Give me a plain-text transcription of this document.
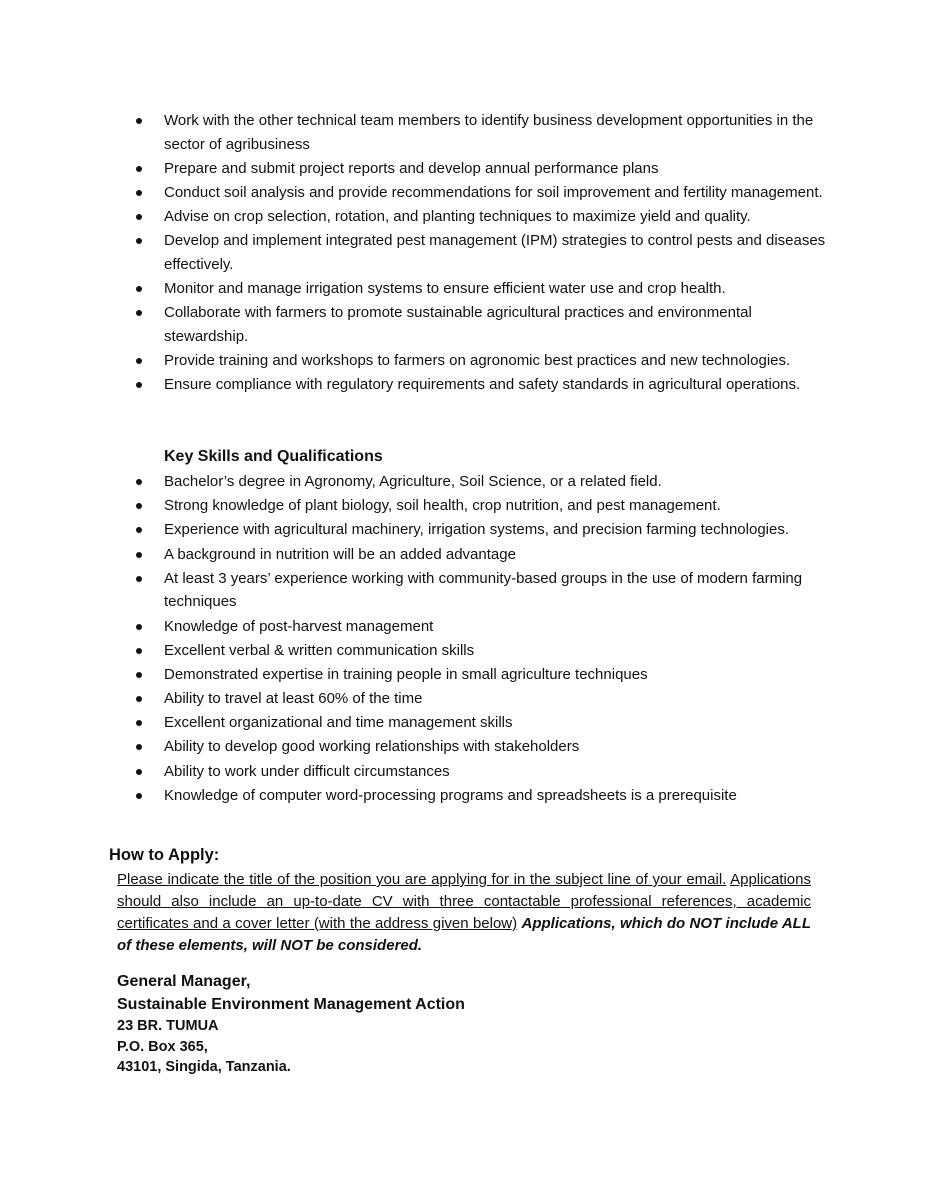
Work with the other technical team members to identify business development opportunities in the sector of agribusiness
Prepare and submit project reports and develop annual performance plans
Conduct soil analysis and provide recommendations for soil improvement and fertility management.
Advise on crop selection, rotation, and planting techniques to maximize yield and quality.
Develop and implement integrated pest management (IPM) strategies to control pests and diseases effectively.
Monitor and manage irrigation systems to ensure efficient water use and crop health.
Collaborate with farmers to promote sustainable agricultural practices and environmental stewardship.
Provide training and workshops to farmers on agronomic best practices and new technologies.
Ensure compliance with regulatory requirements and safety standards in agricultural operations.
Key Skills and Qualifications
Bachelor’s degree in Agronomy, Agriculture, Soil Science, or a related field.
Strong knowledge of plant biology, soil health, crop nutrition, and pest management.
Experience with agricultural machinery, irrigation systems, and precision farming technologies.
A background in nutrition will be an added advantage
At least 3 years’ experience working with community-based groups in the use of modern farming techniques
Knowledge of post-harvest management
Excellent verbal & written communication skills
Demonstrated expertise in training people in small agriculture techniques
Ability to travel at least 60% of the time
Excellent organizational and time management skills
Ability to develop good working relationships with stakeholders
Ability to work under difficult circumstances
Knowledge of computer word-processing programs and spreadsheets is a prerequisite
How to Apply:

Please indicate the title of the position you are applying for in the subject line of your email. Applications should also include an up-to-date CV with three contactable professional references, academic certificates and a cover letter (with the address given below) Applications, which do NOT include ALL of these elements, will NOT be considered.

General Manager,
Sustainable Environment Management Action
23 BR. TUMUA
P.O. Box 365,
43101, Singida, Tanzania.
